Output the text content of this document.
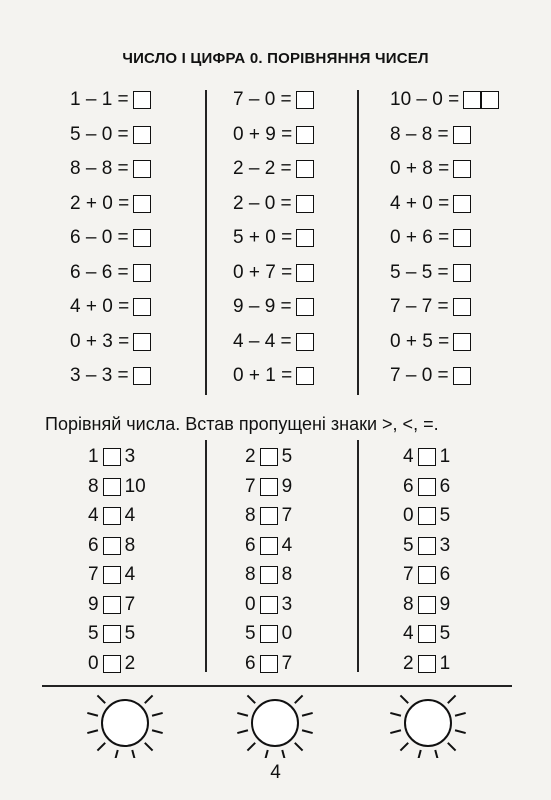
ЧИСЛО І ЦИФРА 0. ПОРІВНЯННЯ ЧИСЕЛ
1 – 1 =
5 – 0 =
8 – 8 =
2 + 0 =
6 – 0 =
6 – 6 =
4 + 0 =
0 + 3 =
3 – 3 =
7 – 0 =
0 + 9 =
2 – 2 =
2 – 0 =
5 + 0 =
0 + 7 =
9 – 9 =
4 – 4 =
0 + 1 =
10 – 0 =
8 – 8 =
0 + 8 =
4 + 0 =
0 + 6 =
5 – 5 =
7 – 7 =
0 + 5 =
7 – 0 =
Порівняй числа. Встав пропущені знаки >, <, =.
1 3
8 10
4 4
6 8
7 4
9 7
5 5
0 2
2 5
7 9
8 7
6 4
8 8
0 3
5 0
6 7
4 1
6 6
0 5
5 3
7 6
8 9
4 5
2 1
4
